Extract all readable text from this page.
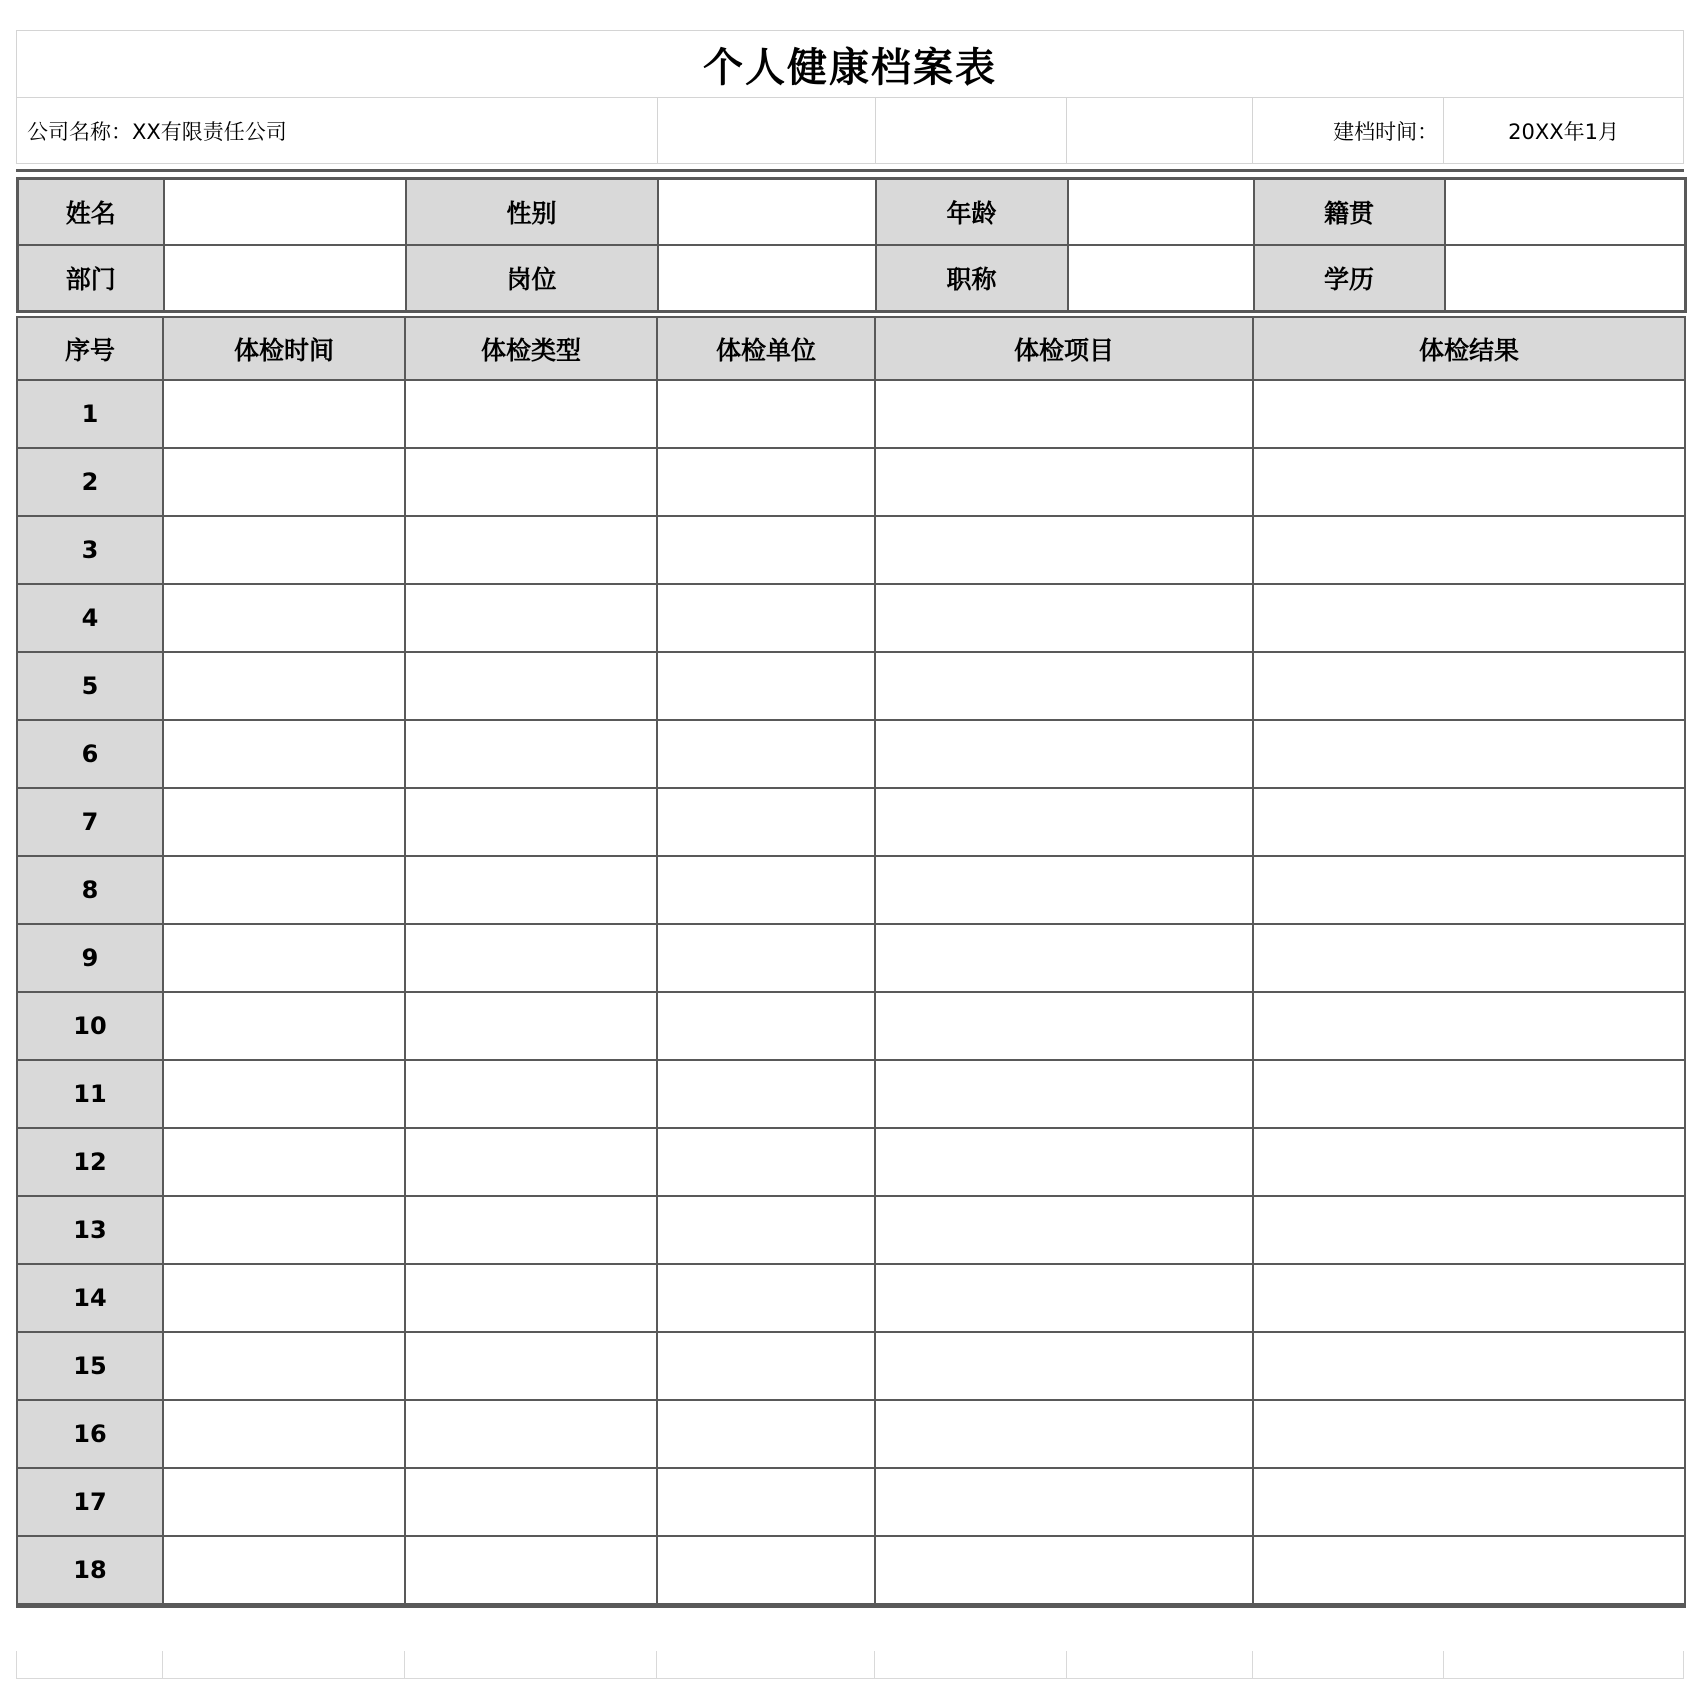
个人健康档案表
公司名称：XX有限责任公司	建档时间：	20XX年1月
姓名		性别		年龄		籍贯	
部门		岗位		职称		学历	
序号	体检时间	体检类型	体检单位	体检项目	体检结果
1					
2					
3					
4					
5					
6					
7					
8					
9					
10					
11					
12					
13					
14					
15					
16					
17					
18					
